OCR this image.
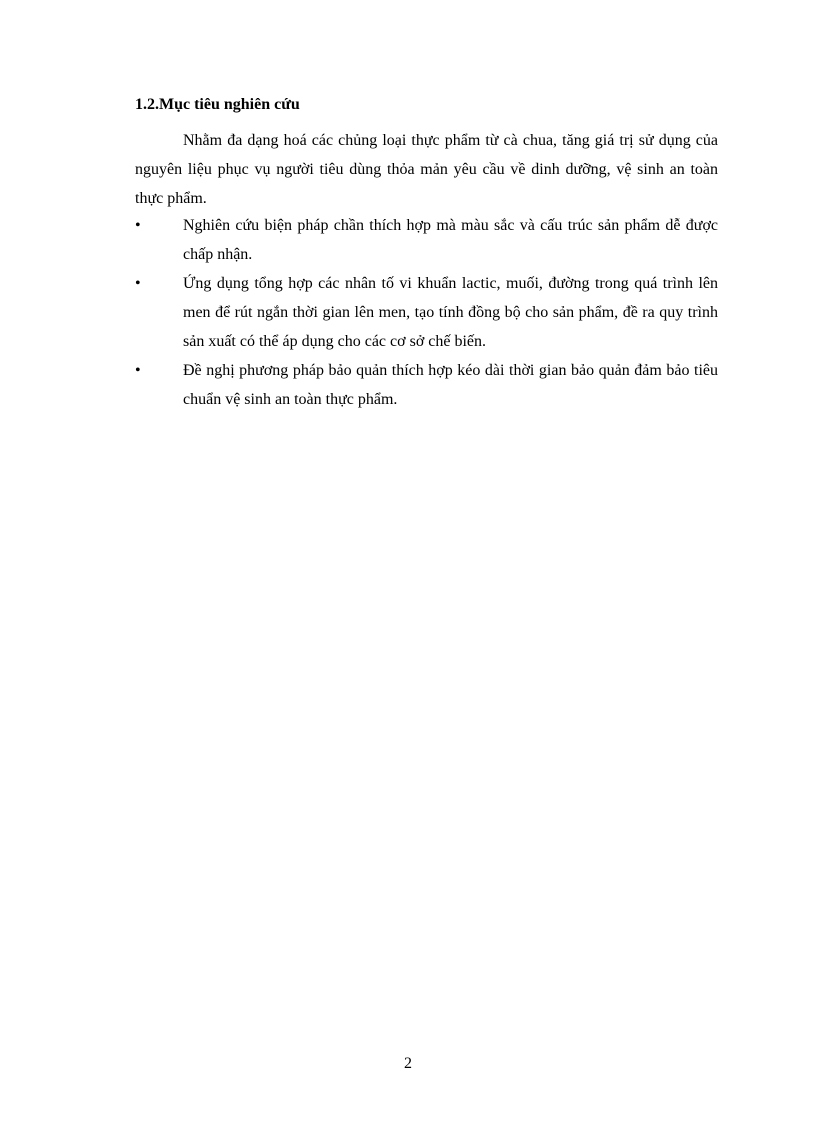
1.2.Mục tiêu nghiên cứu

Nhằm đa dạng hoá các chủng loại thực phẩm từ cà chua, tăng giá trị sử dụng của nguyên liệu phục vụ người tiêu dùng thỏa mản yêu cầu về dinh dưỡng, vệ sinh an toàn thực phẩm.

•	Nghiên cứu biện pháp chần thích hợp mà màu sắc và cấu trúc sản phẩm dễ được chấp nhận.
•	Ứng dụng tổng hợp các nhân tố vi khuẩn lactic, muối, đường trong quá trình lên men để rút ngắn thời gian lên men, tạo tính đồng bộ cho sản phẩm, đề ra quy trình sản xuất có thể áp dụng cho các cơ sở chế biến.
•	Đề nghị phương pháp bảo quản thích hợp kéo dài thời gian bảo quản đảm bảo tiêu chuẩn vệ sinh an toàn thực phẩm.
2
